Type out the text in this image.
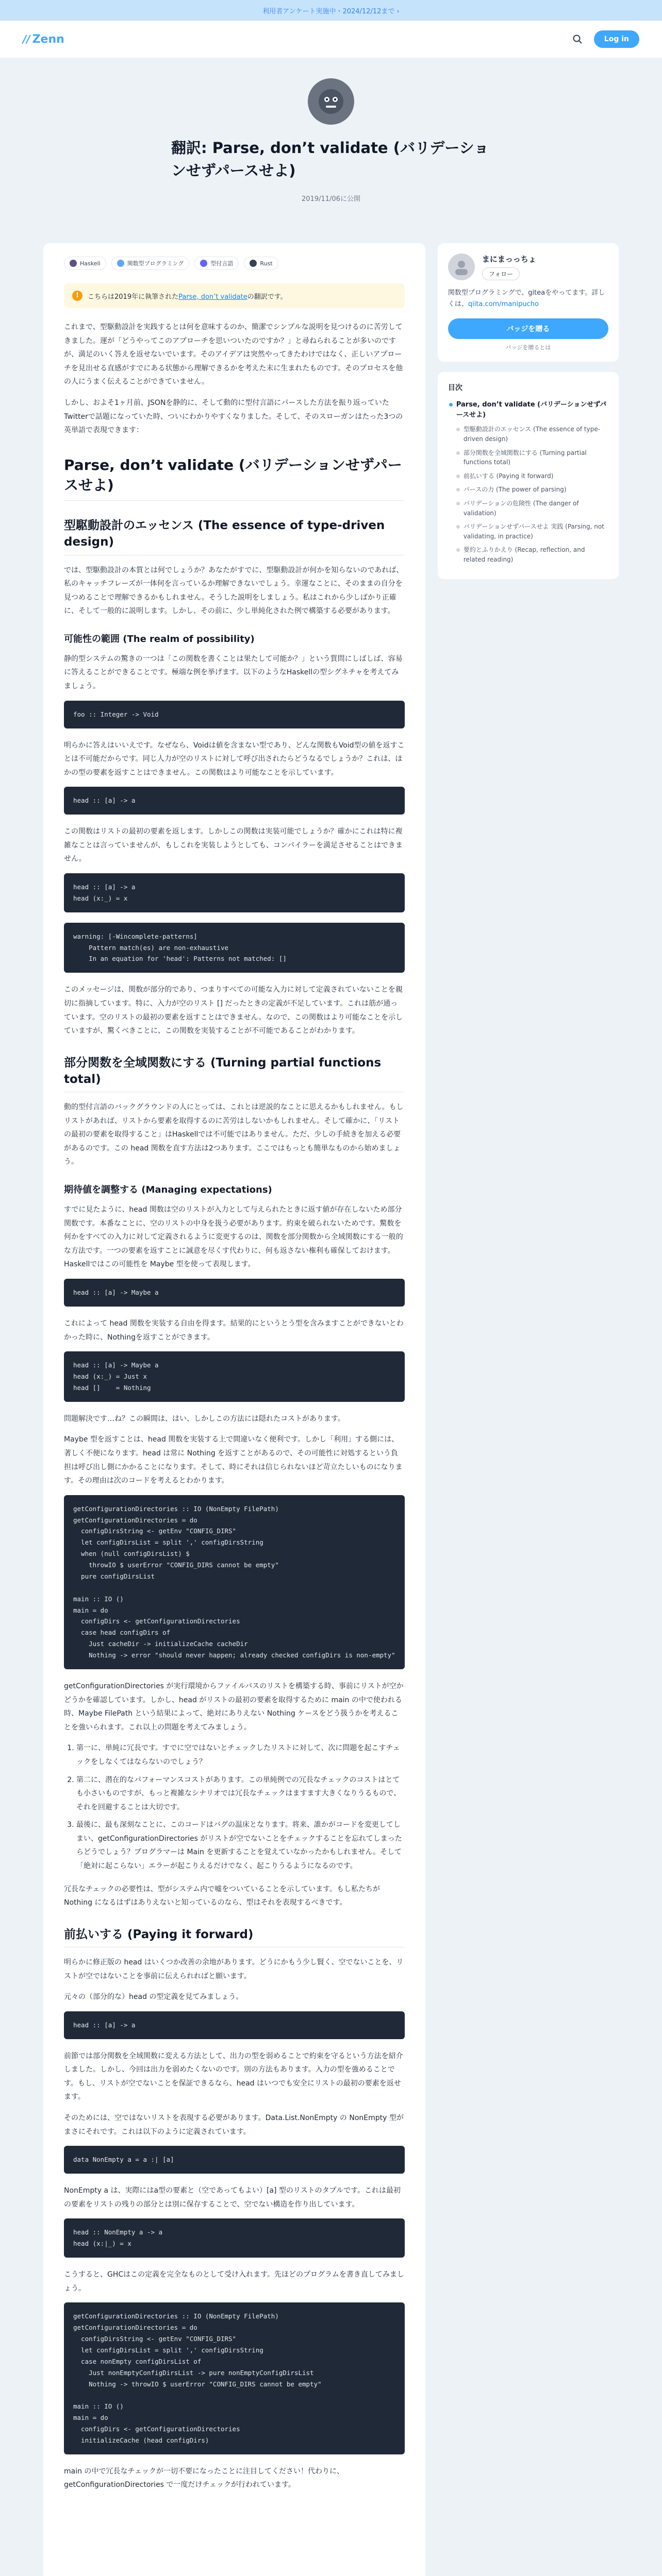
利用者アンケート実施中・2024/12/12まで ›
// Zenn	Log in
翻訳: Parse, don’t validate (バリデーションせずパースせよ)
2019/11/06に公開
Haskell	関数型プログラミング	型付言語	Rust
!	こちらは2019年に執筆されたParse, don’t validateの翻訳です。

これまで、型駆動設計を実践するとは何を意味するのか、簡潔でシンプルな説明を見つけるのに苦労してきました。運が「どうやってこのアプローチを思いついたのですか？」と尋ねられることが多いのですが、満足のいく答えを返せないでいます。そのアイデアは突然やってきたわけではなく、正しいアプローチを見出せる直感がすでにある状態から理解できるかを考えた末に生まれたものです。そのプロセスを他の人にうまく伝えることができていません。

しかし、およそ1ヶ月前、JSONを静的に、そして動的に型付言語にパースした方法を振り返っていたTwitterで話題になっていた時、ついにわかりやすくなりました。そして、そのスローガンはたった3つの英単語で表現できます：

Parse, don’t validate (バリデーションせずパースせよ)
型駆動設計のエッセンス (The essence of type-driven design)

では、型駆動設計の本質とは何でしょうか？あなたがすでに、型駆動設計が何かを知らないのであれば、私のキャッチフレーズが一体何を言っているか理解できないでしょう。幸運なことに、そのままの自分を見つめることで理解できるかもしれません。そうした説明をしましょう。私はこれから少しばかり正確に、そして一般的に説明します。しかし、その前に、少し単純化された例で構築する必要があります。

可能性の範囲 (The realm of possibility)

静的型システムの驚きの一つは「この関数を書くことは果たして可能か？」という質問にしばしば、容易に答えることができることです。極端な例を挙げます。以下のようなHaskellの型シグネチャを考えてみましょう。

foo :: Integer -> Void

明らかに答えはいいえです。なぜなら、Voidは値を含まない型であり、どんな関数もVoid型の値を返すことは不可能だからです。同じ人力が空のリストに対して呼び出されたらどうなるでしょうか？これは、ほかの型の要素を返すことはできません。この関数はより可能なことを示しています。

head :: [a] -> a

この関数はリストの最初の要素を返します。しかしこの関数は実装可能でしょうか？確かにこれは特に複雑なことは言っていませんが、もしこれを実装しようとしても、コンパイラーを満足させることはできません。

head :: [a] -> a
head (x:_) = x
warning: [-Wincomplete-patterns]
Pattern match(es) are non-exhaustive
In an equation for 'head': Patterns not matched: []

このメッセージは、関数が部分的であり、つまりすべての可能な入力に対して定義されていないことを親切に指摘しています。特に、入力が空のリスト [] だったときの定義が不足しています。これは筋が通っています。空のリストの最初の要素を返すことはできません。なので、この関数はより可能なことを示していますが、驚くべきことに、この関数を実装することが不可能であることがわかります。

部分関数を全域関数にする (Turning partial functions total)

動的型付言語のバックグラウンドの人にとっては、これとは逆説的なことに思えるかもしれません。もしリストがあれば、リストから要素を取得するのに苦労はしないかもしれません。そして確かに、「リストの最初の要素を取得すること」はHaskellでは不可能ではありません。ただ、少しの手続きを加える必要があるのです。この head 関数を直す方法は2つあります。ここではもっとも簡単なものから始めましょう。

期待値を調整する (Managing expectations)

すでに見たように、head 関数は空のリストが入力として与えられたときに返す値が存在しないため部分関数です。本番なことに、空のリストの中身を扱う必要があります。約束を破られないためです。驚数を何かをすべての入力に対して定義されるように変更するのは、関数を部分関数から全域関数にする一般的な方法です。一つの要素を返すことに誠意を尽くす代わりに、何も返さない権利も確保しておけます。Haskellではこの可能性を Maybe 型を使って表現します。

head :: [a] -> Maybe a

これによって head 関数を実装する自由を得ます。結果的にというとう型を含みますことができないとわかった時に、Nothingを返すことができます。

head :: [a] -> Maybe a
head (x:_) = Just x
head []    = Nothing

問題解決です…ね？この瞬間は、はい、しかしこの方法には隠れたコストがあります。

Maybe 型を返すことは、head 関数を実装する上で間違いなく便利です。しかし「利用」する側には、著しく不便になります。head は常に Nothing を返すことがあるので、その可能性に対処するという負担は呼び出し側にかかることになります。そして、時にそれは信じられないほど苛立たしいものになります。その理由は次のコードを考えるとわかります。

getConfigurationDirectories :: IO (NonEmpty FilePath)
getConfigurationDirectories = do
configDirsString <- getEnv "CONFIG_DIRS"
let configDirsList = split ',' configDirsString
when (null configDirsList) $
throwIO $ userError "CONFIG_DIRS cannot be empty"
pure configDirsList

main :: IO ()
main = do
configDirs <- getConfigurationDirectories
case head configDirs of
Just cacheDir -> initializeCache cacheDir
Nothing -> error "should never happen; already checked configDirs is non-empty"

getConfigurationDirectories が実行環境からファイルパスのリストを構築する時、事前にリストが空かどうかを確認しています。しかし、head がリストの最初の要素を取得するために main の中で使われる時、Maybe FilePath という結果によって、絶対にありえない Nothing ケースをどう扱うかを考えることを強いられます。これ以上の問題を考えてみましょう。

1. 第一に、単純に冗長です。すでに空ではないとチェックしたリストに対して、次に問題を起こすチェックをしなくてはならないのでしょう？
2. 第二に、潜在的なパフォーマンスコストがあります。この単純例での冗長なチェックのコストはとても小さいものですが、もっと複雑なシナリオでは冗長なチェックはますます大きくなりうるもので、それを回避することは大切です。
3. 最後に、最も深刻なことに、このコードはバグの温床となります。将来、誰かがコードを変更してしまい、getConfigurationDirectories がリストが空でないことをチェックすることを忘れてしまったらどうでしょう？プログラマーは Main を更新することを覚えていなかったかもしれません。そして「絶対に起こらない」エラーが起こりえるだけでなく、起こりうるようになるのです。

冗長なチェックの必要性は、型がシステム内で嘘をついていることを示しています。もし私たちが Nothing になるはずはありえないと知っているのなら、型はそれを表現するべきです。

前払いする (Paying it forward)

明らかに修正版の head はいくつか改善の余地があります。どうにかもう少し賢く、空でないことを、リストが空ではないことを事前に伝えられればと願います。

元々の（部分的な）head の型定義を見てみましょう。

head :: [a] -> a

前節では部分関数を全域関数に変える方法として、出力の型を弱めることで約束を守るという方法を紹介しました。しかし、今回は出力を弱めたくないのです。別の方法もあります。入力の型を強めることです。もし、リストが空でないことを保証できるなら、head はいつでも安全にリストの最初の要素を返せます。

そのためには、空ではないリストを表現する必要があります。Data.List.NonEmpty の NonEmpty 型がまさにそれです。これは以下のように定義されています。

data NonEmpty a = a :| [a]

NonEmpty a は、実際にはa型の要素と（空であってもよい）[a] 型のリストのタプルです。これは最初の要素をリストの残りの部分とは別に保存することで、空でない構造を作り出しています。

head :: NonEmpty a -> a
head (x:|_) = x

こうすると、GHCはこの定義を完全なものとして受け入れます。先ほどのプログラムを書き直してみましょう。

getConfigurationDirectories :: IO (NonEmpty FilePath)
getConfigurationDirectories = do
configDirsString <- getEnv "CONFIG_DIRS"
let configDirsList = split ',' configDirsString
case nonEmpty configDirsList of
Just nonEmptyConfigDirsList -> pure nonEmptyConfigDirsList
Nothing -> throwIO $ userError "CONFIG_DIRS cannot be empty"

main :: IO ()
main = do
configDirs <- getConfigurationDirectories
initializeCache (head configDirs)

main の中で冗長なチェックが一切不要になったことに注目してください！代わりに、getConfigurationDirectories で一度だけチェックが行われています。

まにまっっちょ
フォロー
関数型プログラミングで、giteaをやってます。詳しくは、qiita.com/manipucho
バッジを贈る
バッジを贈るとは
目次
Parse, don’t validate (バリデーションせずパースせよ)
型駆動設計のエッセンス (The essence of type-driven design)
部分関数を全域関数にする (Turning partial functions total)
前払いする (Paying it forward)
パースの力 (The power of parsing)
バリデーションの危険性 (The danger of validation)
バリデーションせずパースせよ 実践 (Parsing, not validating, in practice)
要約とふりかえり (Recap, reflection, and related reading)
